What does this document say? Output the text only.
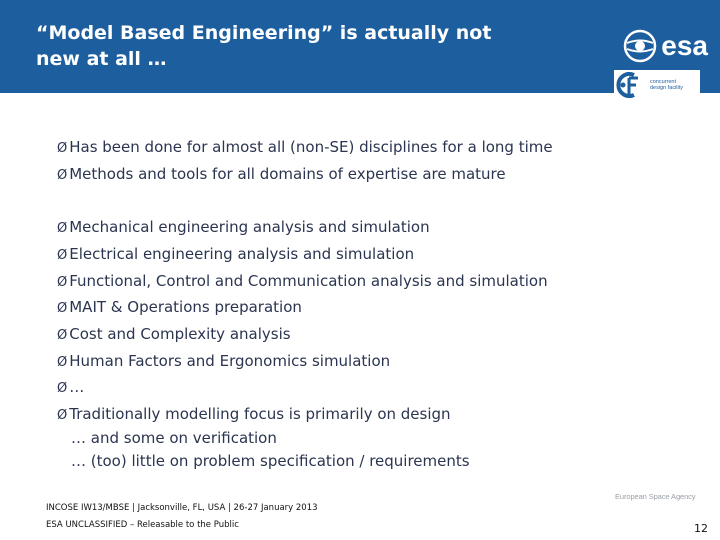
“Model Based Engineering” is actually not
new at all …	esa
concurrent
design facility
Ø Has been done for almost all (non-SE) disciplines for a long time
Ø Methods and tools for all domains of expertise are mature
Ø Mechanical engineering analysis and simulation
Ø Electrical engineering analysis and simulation
Ø Functional, Control and Communication analysis and simulation
Ø MAIT & Operations preparation
Ø Cost and Complexity analysis
Ø Human Factors and Ergonomics simulation
Ø …
Ø Traditionally modelling focus is primarily on design
… and some on verification
… (too) little on problem specification / requirements
INCOSE IW13/MBSE | Jacksonville, FL, USA | 26-27 January 2013
ESA UNCLASSIFIED – Releasable to the Public
European Space Agency
12
